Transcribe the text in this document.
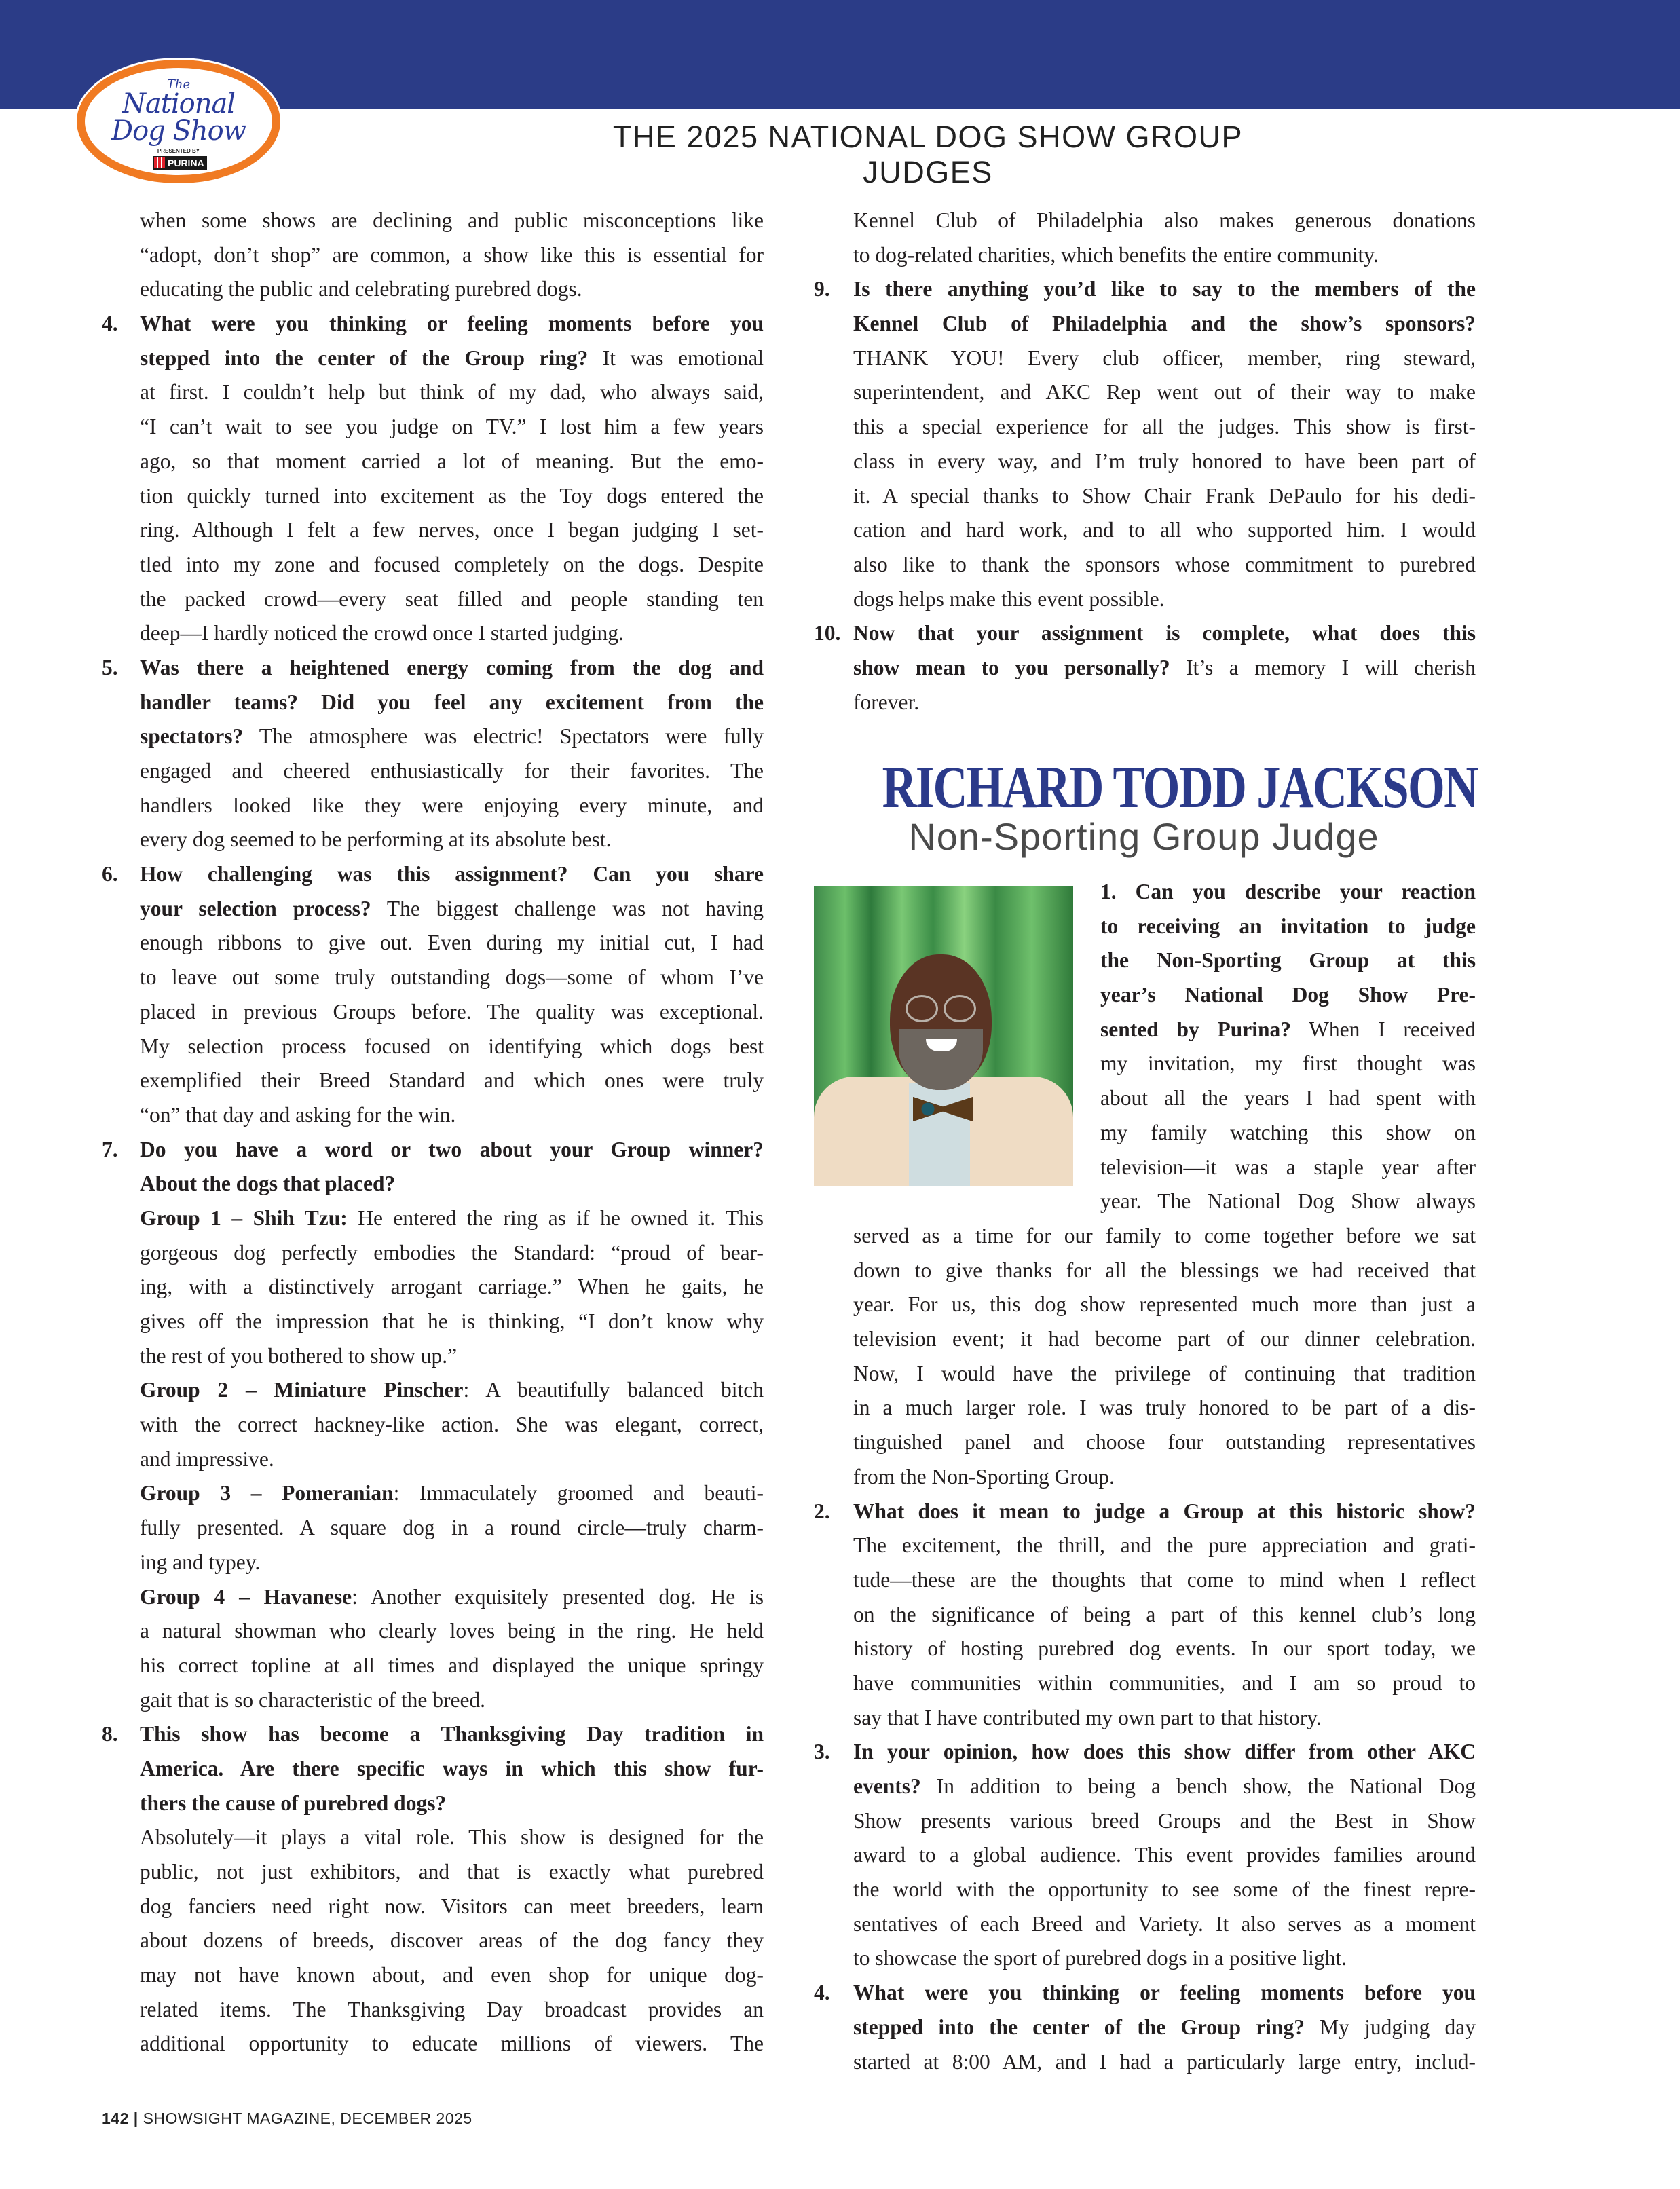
The
National
Dog Show
PRESENTED BY
PURINA
THE 2025 NATIONAL DOG SHOW GROUP JUDGES
when some shows are declining and public misconceptions like
“adopt, don’t shop” are common, a show like this is essential for
educating the public and celebrating purebred dogs.
4. What were you thinking or feeling moments before you
stepped into the center of the Group ring? It was emotional
at first. I couldn’t help but think of my dad, who always said,
“I can’t wait to see you judge on TV.” I lost him a few years
ago, so that moment carried a lot of meaning. But the emo-
tion quickly turned into excitement as the Toy dogs entered the
ring. Although I felt a few nerves, once I began judging I set-
tled into my zone and focused completely on the dogs. Despite
the packed crowd—every seat filled and people standing ten
deep—I hardly noticed the crowd once I started judging.
5. Was there a heightened energy coming from the dog and
handler teams? Did you feel any excitement from the
spectators? The atmosphere was electric! Spectators were fully
engaged and cheered enthusiastically for their favorites. The
handlers looked like they were enjoying every minute, and
every dog seemed to be performing at its absolute best.
6. How challenging was this assignment? Can you share
your selection process? The biggest challenge was not having
enough ribbons to give out. Even during my initial cut, I had
to leave out some truly outstanding dogs—some of whom I’ve
placed in previous Groups before. The quality was exceptional.
My selection process focused on identifying which dogs best
exemplified their Breed Standard and which ones were truly
“on” that day and asking for the win.
7. Do you have a word or two about your Group winner?
About the dogs that placed?
Group 1 – Shih Tzu: He entered the ring as if he owned it. This
gorgeous dog perfectly embodies the Standard: “proud of bear-
ing, with a distinctively arrogant carriage.” When he gaits, he
gives off the impression that he is thinking, “I don’t know why
the rest of you bothered to show up.”
Group 2 – Miniature Pinscher: A beautifully balanced bitch
with the correct hackney-like action. She was elegant, correct,
and impressive.
Group 3 – Pomeranian: Immaculately groomed and beauti-
fully presented. A square dog in a round circle—truly charm-
ing and typey.
Group 4 – Havanese: Another exquisitely presented dog. He is
a natural showman who clearly loves being in the ring. He held
his correct topline at all times and displayed the unique springy
gait that is so characteristic of the breed.
8. This show has become a Thanksgiving Day tradition in
America. Are there specific ways in which this show fur-
thers the cause of purebred dogs?
Absolutely—it plays a vital role. This show is designed for the
public, not just exhibitors, and that is exactly what purebred
dog fanciers need right now. Visitors can meet breeders, learn
about dozens of breeds, discover areas of the dog fancy they
may not have known about, and even shop for unique dog-
related items. The Thanksgiving Day broadcast provides an
additional opportunity to educate millions of viewers. The
Kennel Club of Philadelphia also makes generous donations
to dog-related charities, which benefits the entire community.
9. Is there anything you’d like to say to the members of the
Kennel Club of Philadelphia and the show’s sponsors?
THANK YOU! Every club officer, member, ring steward,
superintendent, and AKC Rep went out of their way to make
this a special experience for all the judges. This show is first-
class in every way, and I’m truly honored to have been part of
it. A special thanks to Show Chair Frank DePaulo for his dedi-
cation and hard work, and to all who supported him. I would
also like to thank the sponsors whose commitment to purebred
dogs helps make this event possible.
10. Now that your assignment is complete, what does this
show mean to you personally? It’s a memory I will cherish
forever.
RICHARD TODD JACKSON
Non-Sporting Group Judge
1. Can you describe your reaction
to receiving an invitation to judge
the Non-Sporting Group at this
year’s National Dog Show Pre-
sented by Purina? When I received
my invitation, my first thought was
about all the years I had spent with
my family watching this show on
television—it was a staple year after
year. The National Dog Show always
served as a time for our family to come together before we sat
down to give thanks for all the blessings we had received that
year. For us, this dog show represented much more than just a
television event; it had become part of our dinner celebration.
Now, I would have the privilege of continuing that tradition
in a much larger role. I was truly honored to be part of a dis-
tinguished panel and choose four outstanding representatives
from the Non-Sporting Group.
2. What does it mean to judge a Group at this historic show?
The excitement, the thrill, and the pure appreciation and grati-
tude—these are the thoughts that come to mind when I reflect
on the significance of being a part of this kennel club’s long
history of hosting purebred dog events. In our sport today, we
have communities within communities, and I am so proud to
say that I have contributed my own part to that history.
3. In your opinion, how does this show differ from other AKC
events? In addition to being a bench show, the National Dog
Show presents various breed Groups and the Best in Show
award to a global audience. This event provides families around
the world with the opportunity to see some of the finest repre-
sentatives of each Breed and Variety. It also serves as a moment
to showcase the sport of purebred dogs in a positive light.
4. What were you thinking or feeling moments before you
stepped into the center of the Group ring? My judging day
started at 8:00 AM, and I had a particularly large entry, includ-
142 | SHOWSIGHT MAGAZINE, DECEMBER 2025
